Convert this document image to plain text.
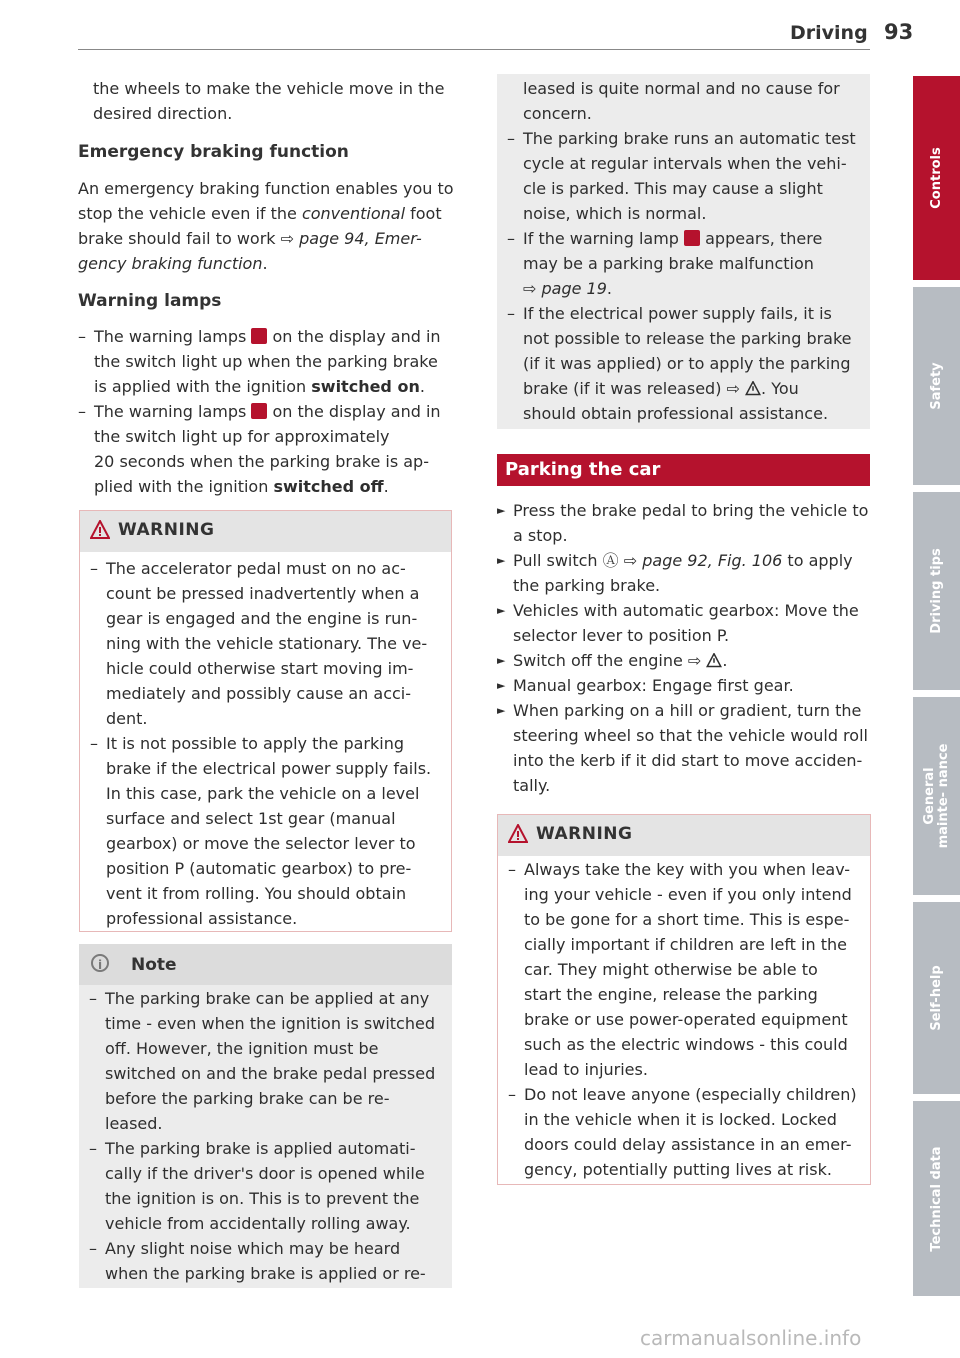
Driving 93
the wheels to make the vehicle move in the
desired direction.
Emergency braking function
An emergency braking function enables you to
stop the vehicle even if the conventional foot
brake should fail to work ⇨ page 94, Emer-
gency braking function.
Warning lamps
– The warning lamps  on the display and in
the switch light up when the parking brake
is applied with the ignition switched on.
– The warning lamps  on the display and in
the switch light up for approximately
20 seconds when the parking brake is ap-
plied with the ignition switched off.
WARNING
– The accelerator pedal must on no ac-
count be pressed inadvertently when a
gear is engaged and the engine is run-
ning with the vehicle stationary. The ve-
hicle could otherwise start moving im-
mediately and possibly cause an acci-
dent.
– It is not possible to apply the parking
brake if the electrical power supply fails.
In this case, park the vehicle on a level
surface and select 1st gear (manual
gearbox) or move the selector lever to
position P (automatic gearbox) to pre-
vent it from rolling. You should obtain
professional assistance.
i	Note
– The parking brake can be applied at any
time - even when the ignition is switched
off. However, the ignition must be
switched on and the brake pedal pressed
before the parking brake can be re-
leased.
– The parking brake is applied automati-
cally if the driver's door is opened while
the ignition is on. This is to prevent the
vehicle from accidentally rolling away.
– Any slight noise which may be heard
when the parking brake is applied or re-
leased is quite normal and no cause for
concern.
– The parking brake runs an automatic test
cycle at regular intervals when the vehi-
cle is parked. This may cause a slight
noise, which is normal.
– If the warning lamp  appears, there
may be a parking brake malfunction
⇨ page 19.
– If the electrical power supply fails, it is
not possible to release the parking brake
(if it was applied) or to apply the parking
brake (if it was released) ⇨ . You
should obtain professional assistance.
Parking the car
► Press the brake pedal to bring the vehicle to
a stop.
► Pull switch Ⓐ ⇨ page 92, Fig. 106 to apply
the parking brake.
► Vehicles with automatic gearbox: Move the
selector lever to position P.
► Switch off the engine ⇨ .
► Manual gearbox: Engage first gear.
► When parking on a hill or gradient, turn the
steering wheel so that the vehicle would roll
into the kerb if it did start to move acciden-
tally.
WARNING
– Always take the key with you when leav-
ing your vehicle - even if you only intend
to be gone for a short time. This is espe-
cially important if children are left in the
car. They might otherwise be able to
start the engine, release the parking
brake or use power-operated equipment
such as the electric windows - this could
lead to injuries.
– Do not leave anyone (especially children)
in the vehicle when it is locked. Locked
doors could delay assistance in an emer-
gency, potentially putting lives at risk.
Controls
Safety
Driving tips
General mainte- nance
Self-help
Technical data
carmanualsonline.info
